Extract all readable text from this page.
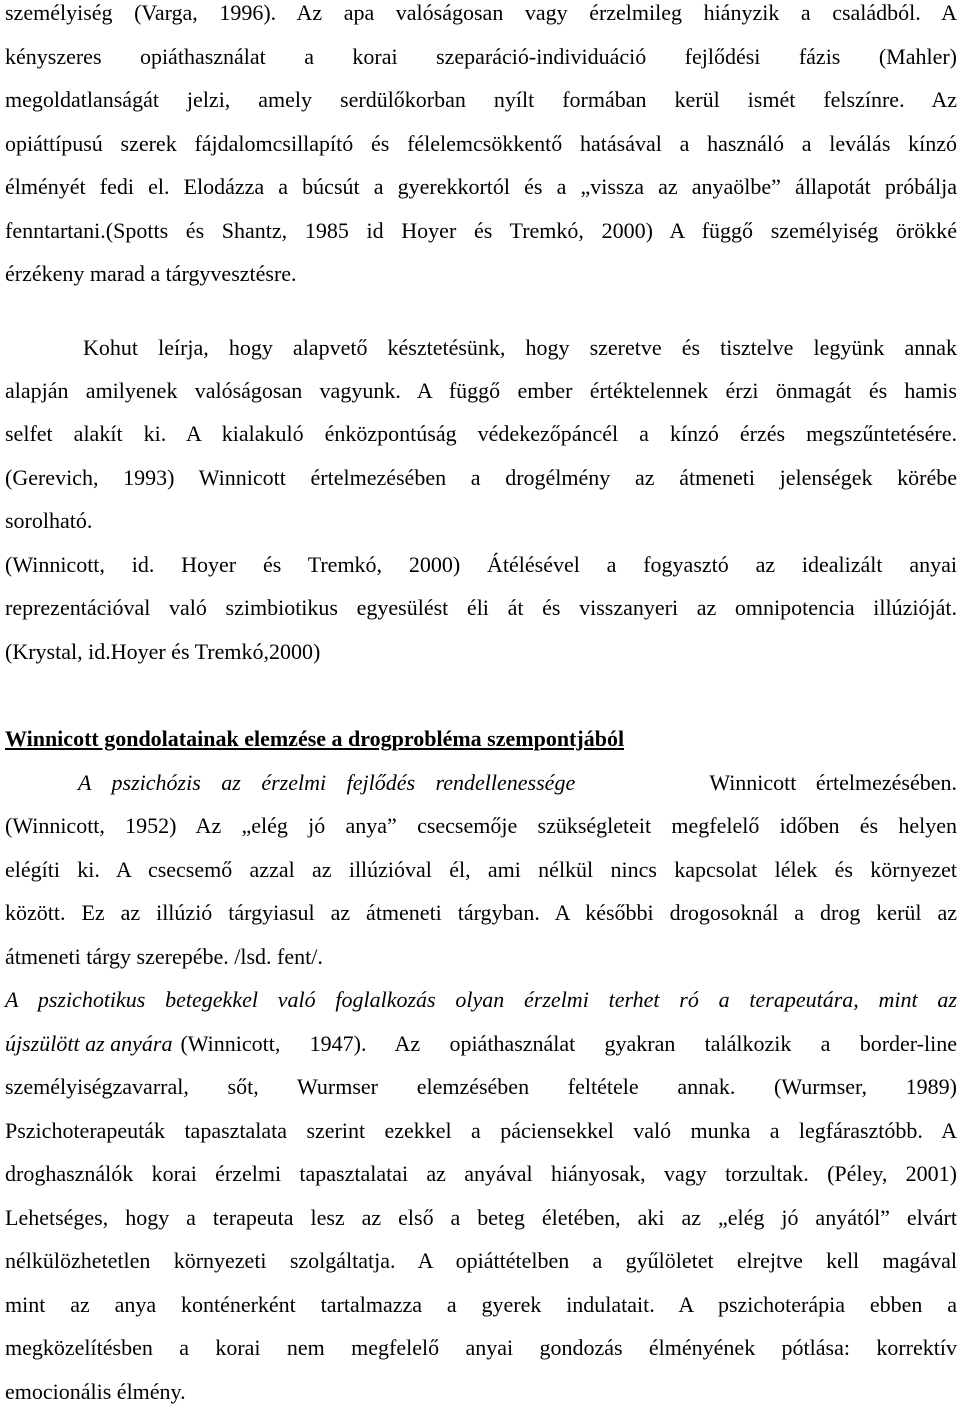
személyiség (Varga, 1996). Az apa valóságosan vagy érzelmileg hiányzik a családból. A
kényszeres opiáthasználat a korai szeparáció-individuáció fejlődési fázis (Mahler)
megoldatlanságát jelzi, amely serdülőkorban nyílt formában kerül ismét felszínre. Az
opiáttípusú szerek fájdalomcsillapító és félelemcsökkentő hatásával a használó a leválás kínzó
élményét fedi el. Elodázza a búcsút a gyerekkortól és a „vissza az anyaölbe” állapotát próbálja
fenntartani.(Spotts és Shantz, 1985 id Hoyer és Tremkó, 2000) A függő személyiség örökké
érzékeny marad a tárgyvesztésre.
Kohut leírja, hogy alapvető késztetésünk, hogy szeretve és tisztelve legyünk annak
alapján amilyenek valóságosan vagyunk. A függő ember értéktelennek érzi önmagát és hamis
selfet alakít ki. A kialakuló énközpontúság védekezőpáncél a kínzó érzés megszűntetésére.
(Gerevich, 1993) Winnicott értelmezésében a drogélmény az átmeneti jelenségek körébe
sorolható.
(Winnicott, id. Hoyer és Tremkó, 2000) Átélésével a fogyasztó az idealizált anyai
reprezentációval való szimbiotikus egyesülést éli át és visszanyeri az omnipotencia illúzióját.
(Krystal, id.Hoyer és Tremkó,2000)
Winnicott gondolatainak elemzése a drogprobléma szempontjából
A pszichózis az érzelmi fejlődés rendellenessége	Winnicott értelmezésében.
(Winnicott, 1952) Az „elég jó anya” csecsemője szükségleteit megfelelő időben és helyen
elégíti ki. A csecsemő azzal az illúzióval él, ami nélkül nincs kapcsolat lélek és környezet
között. Ez az illúzió tárgyiasul az átmeneti tárgyban. A későbbi drogosoknál a drog kerül az
átmeneti tárgy szerepébe. /lsd. fent/.
A pszichotikus betegekkel való foglalkozás olyan érzelmi terhet ró a terapeutára, mint az
újszülött az anyára (Winnicott, 1947). Az opiáthasználat gyakran találkozik a border-line
személyiségzavarral, sőt, Wurmser elemzésében feltétele annak. (Wurmser, 1989)
Pszichoterapeuták tapasztalata szerint ezekkel a páciensekkel való munka a legfárasztóbb. A
droghasználók korai érzelmi tapasztalatai az anyával hiányosak, vagy torzultak. (Péley, 2001)
Lehetséges, hogy a terapeuta lesz az első a beteg életében, aki az „elég jó anyától” elvárt
nélkülözhetetlen környezeti szolgáltatja. A opiáttételben a gyűlöletet elrejtve kell magával
mint az anya konténerként tartalmazza a gyerek indulatait. A pszichoterápia ebben a
megközelítésben a korai nem megfelelő anyai gondozás élményének pótlása: korrektív
emocionális élmény.
